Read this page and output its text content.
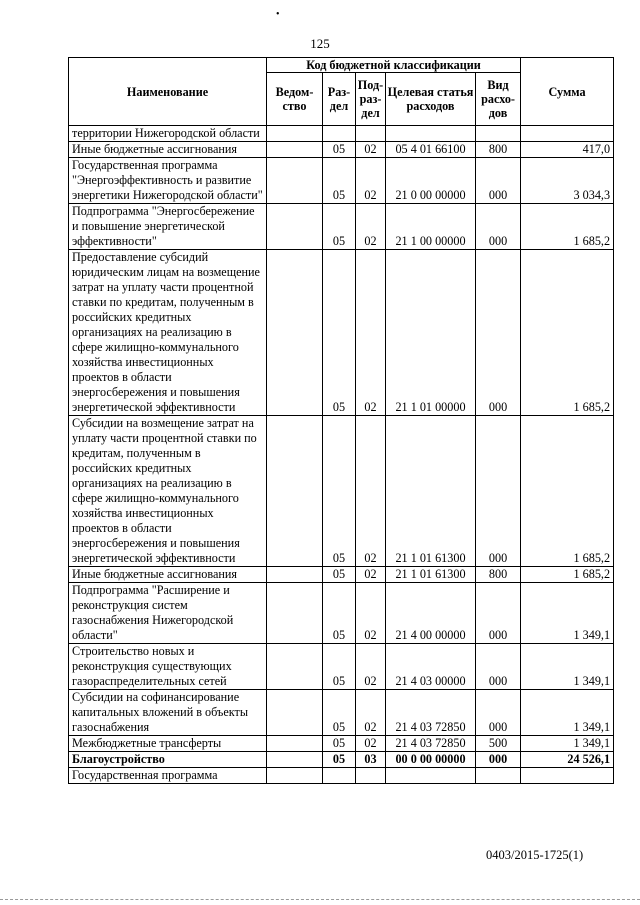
•
125
Наименование	Код бюджетной классификации					Сумма
	Ведом-ство	Раз-дел	Под-раз-дел	Целевая статья расходов	Вид расхо-дов	
территории Нижегородской области						
Иные бюджетные ассигнования		05	02	05 4 01 66100	800	417,0
Государственная программа "Энергоэффективность и развитие энергетики Нижегородской области"		05	02	21 0 00 00000	000	3 034,3
Подпрограмма "Энергосбережение и повышение энергетической эффективности"		05	02	21 1 00 00000	000	1 685,2
Предоставление субсидий юридическим лицам на возмещение затрат на уплату части процентной ставки по кредитам, полученным в российских кредитных организациях на реализацию в сфере жилищно-коммунального хозяйства инвестиционных проектов в области энергосбережения и повышения энергетической эффективности		05	02	21 1 01 00000	000	1 685,2
Субсидии на возмещение затрат на уплату части процентной ставки по кредитам, полученным в российских кредитных организациях на реализацию в сфере жилищно-коммунального хозяйства инвестиционных проектов в области энергосбережения и повышения энергетической эффективности		05	02	21 1 01 61300	000	1 685,2
Иные бюджетные ассигнования		05	02	21 1 01 61300	800	1 685,2
Подпрограмма "Расширение и реконструкция систем газоснабжения Нижегородской области"		05	02	21 4 00 00000	000	1 349,1
Строительство новых и реконструкция существующих газораспределительных сетей		05	02	21 4 03 00000	000	1 349,1
Субсидии на софинансирование капитальных вложений в объекты газоснабжения		05	02	21 4 03 72850	000	1 349,1
Межбюджетные трансферты		05	02	21 4 03 72850	500	1 349,1
Благоустройство		05	03	00 0 00 00000	000	24 526,1
Государственная программа						
0403/2015-1725(1)
